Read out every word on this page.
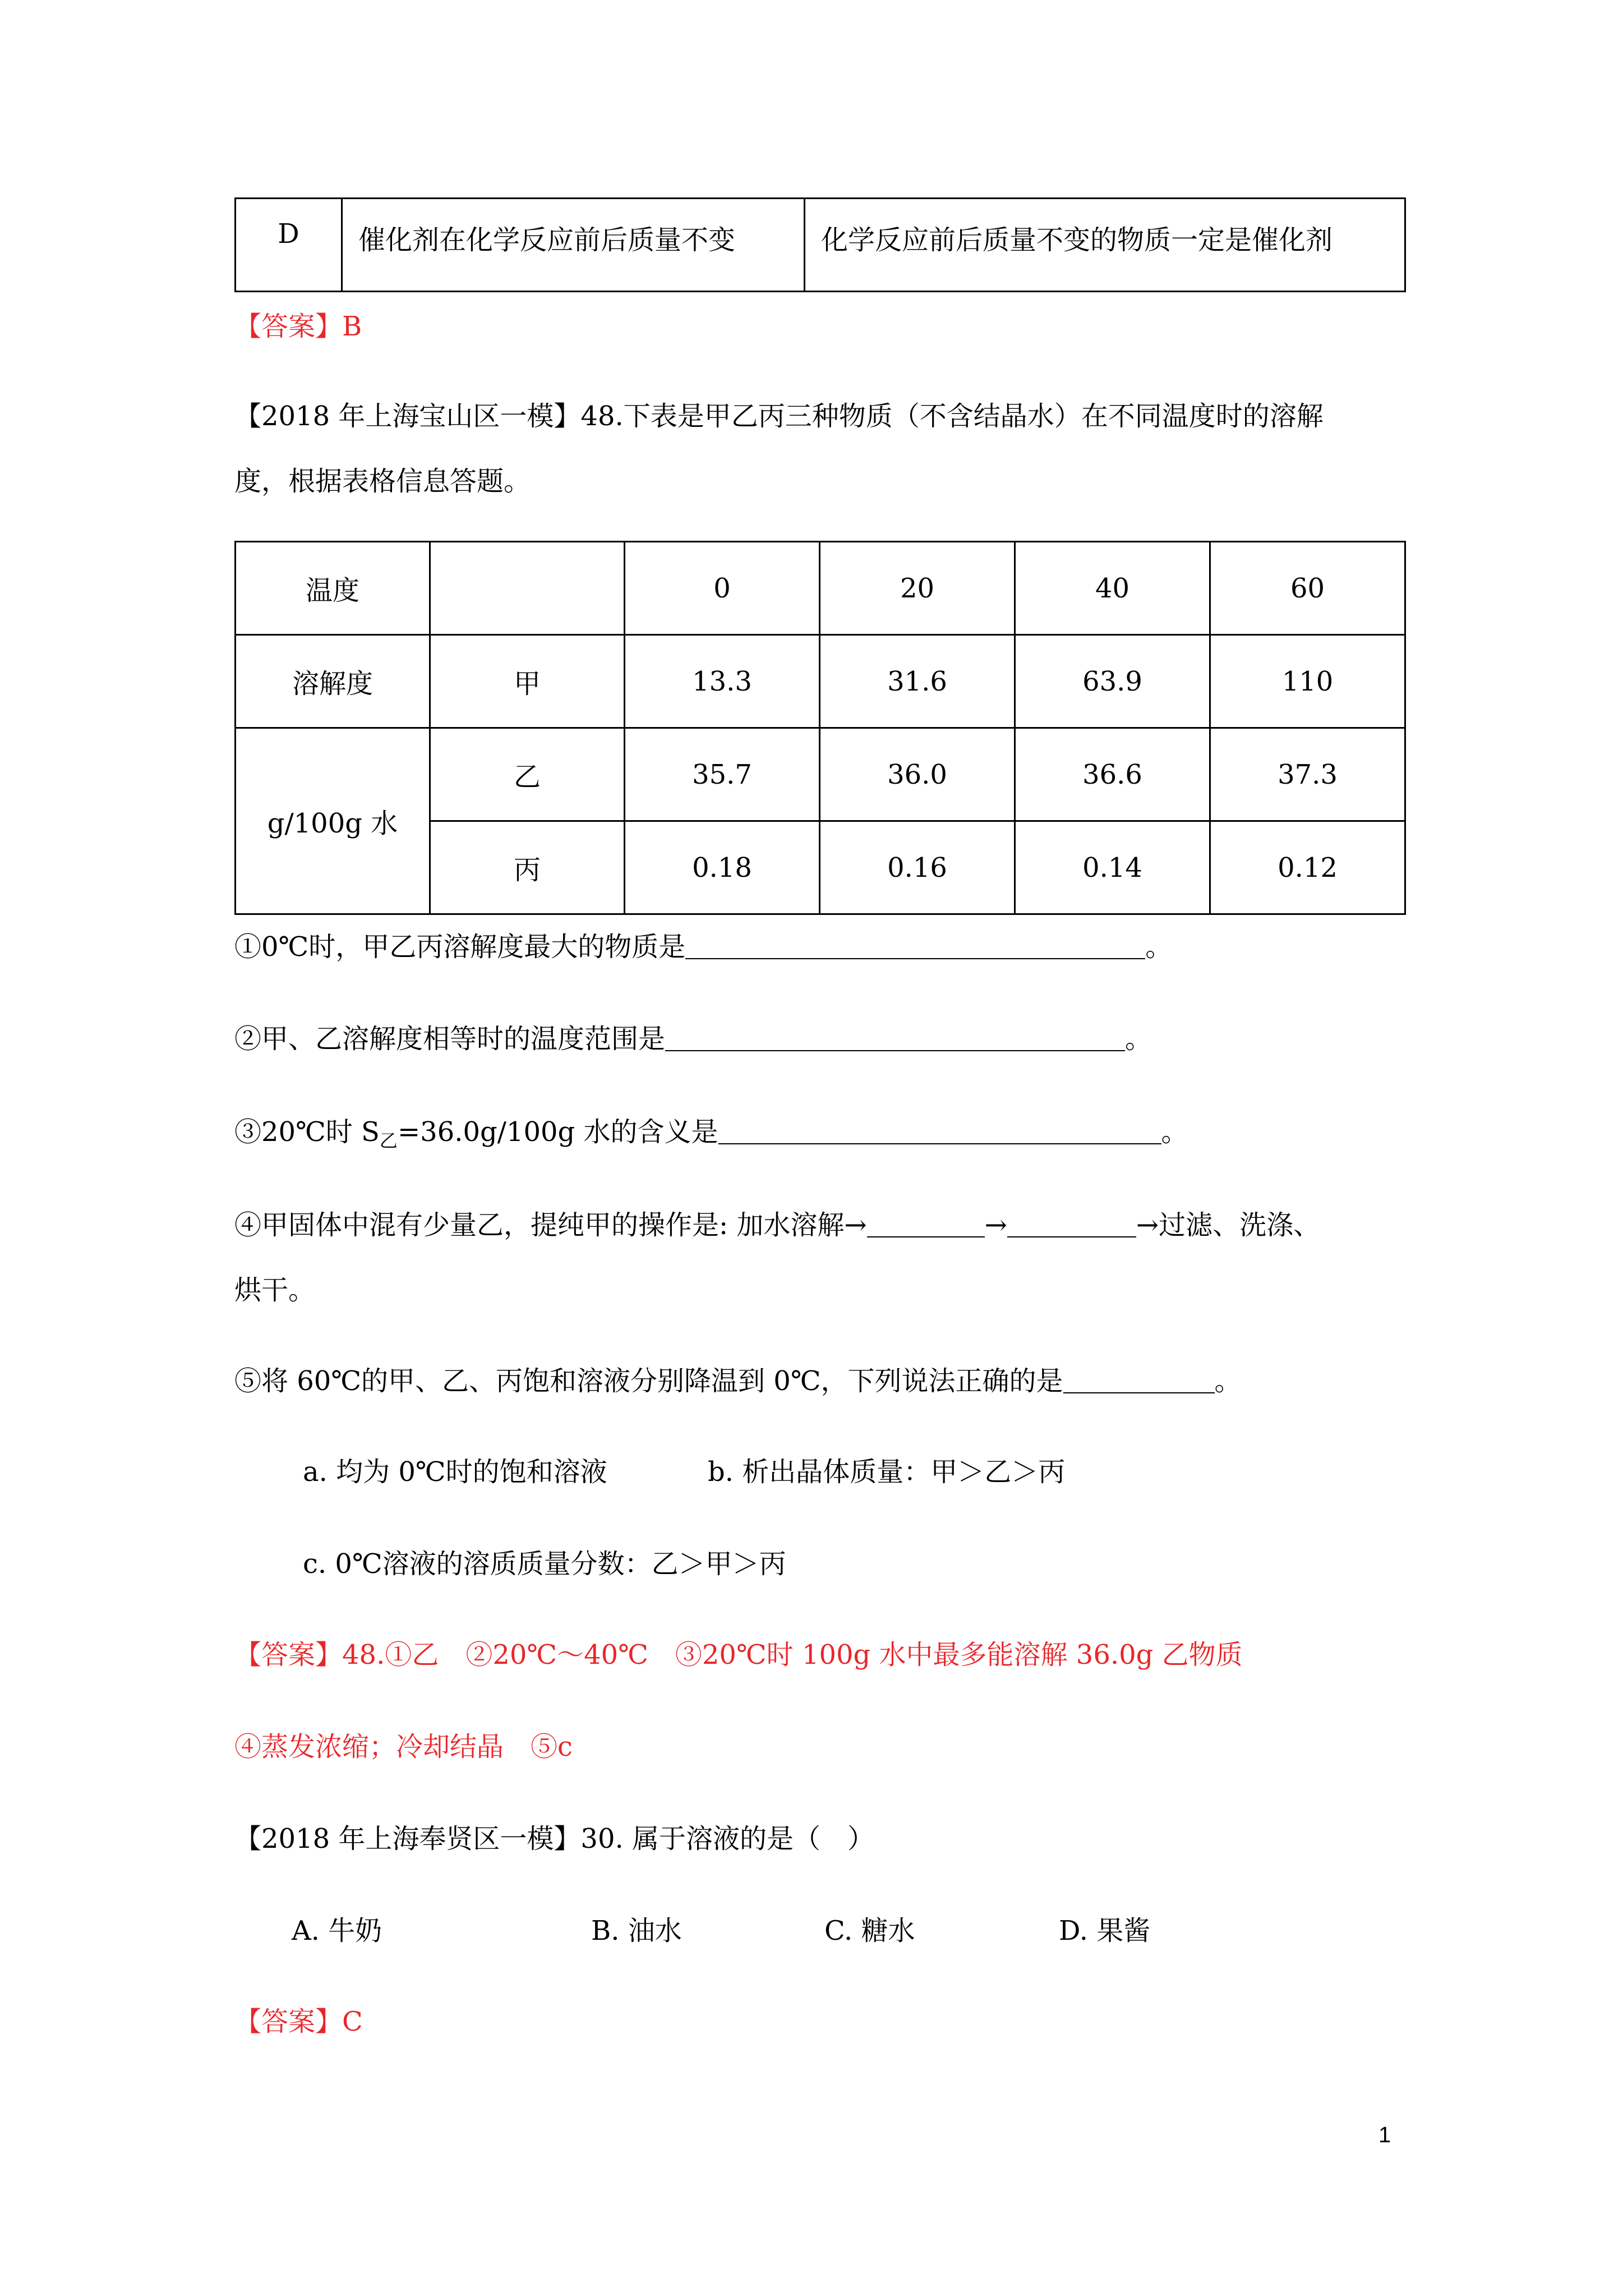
D	催化剂在化学反应前后质量不变	化学反应前后质量不变的物质一定是催化剂
【答案】B
【2018 年上海宝山区一模】48.下表是甲乙丙三种物质（不含结晶水）在不同温度时的溶解
度，根据表格信息答题。
温度		0	20	40	60
溶解度	甲	13.3	31.6	63.9	110
g/100g 水	乙	35.7	36.0	36.6	37.3
	丙	0.18	0.16	0.14	0.12
①0℃时，甲乙丙溶解度最大的物质是	。
②甲、乙溶解度相等时的温度范围是	。
③20℃时 $S_乙=36.0g/100g$ 水的含义是	。
④甲固体中混有少量乙，提纯甲的操作是: 加水溶解→	→	→过滤、洗涤、
烘干。
⑤将 60℃的甲、乙、丙饱和溶液分别降温到 0℃，下列说法正确的是	。
a. 均为 0℃时的饱和溶液	b. 析出晶体质量：甲＞乙＞丙
c. 0℃溶液的溶质质量分数：乙＞甲＞丙
【答案】48.①乙　②20℃～40℃　③20℃时 100g 水中最多能溶解 36.0g 乙物质
④蒸发浓缩；冷却结晶　⑤c
【2018 年上海奉贤区一模】30. 属于溶液的是（　）
A. 牛奶	B. 油水	C. 糖水	D. 果酱
【答案】C
1
